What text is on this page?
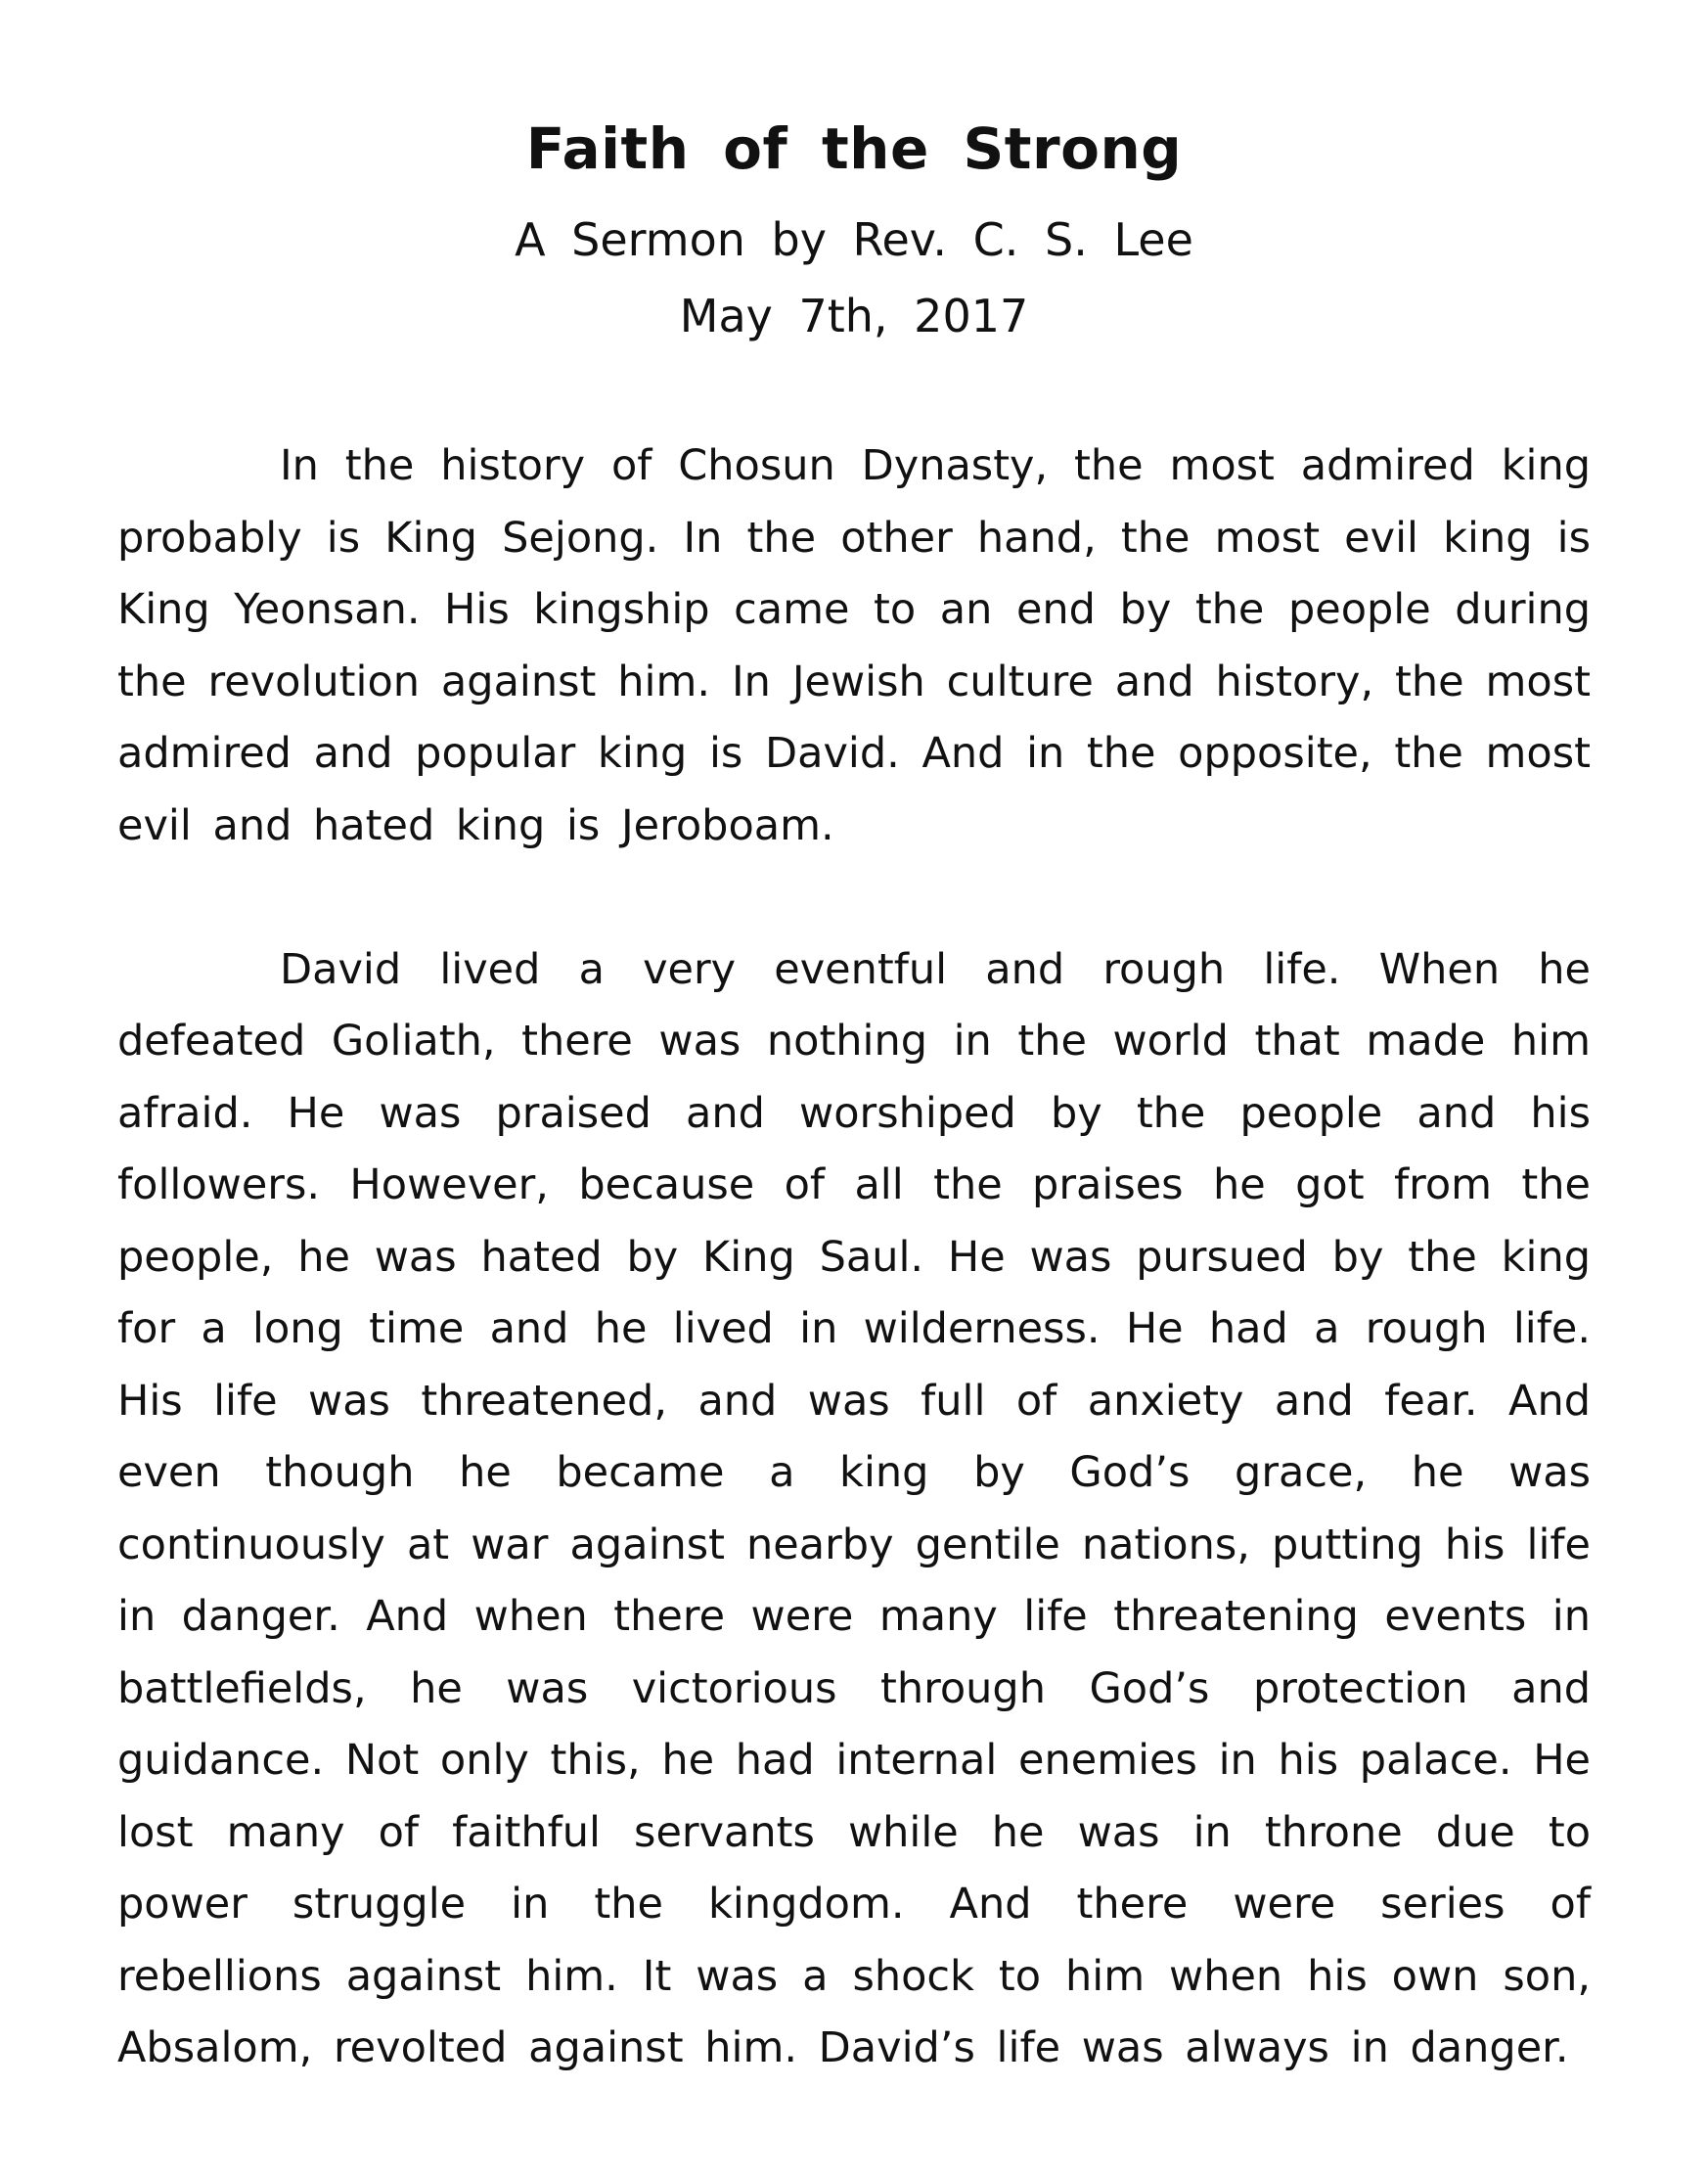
Faith of the Strong
A Sermon by Rev. C. S. Lee
May 7th, 2017

In the history of Chosun Dynasty, the most admired king probably is King Sejong. In the other hand, the most evil king is King Yeonsan. His kingship came to an end by the people during the revolution against him. In Jewish culture and history, the most admired and popular king is David. And in the opposite, the most evil and hated king is Jeroboam.

David lived a very eventful and rough life. When he defeated Goliath, there was nothing in the world that made him afraid. He was praised and worshiped by the people and his followers. However, because of all the praises he got from the people, he was hated by King Saul. He was pursued by the king for a long time and he lived in wilderness. He had a rough life. His life was threatened, and was full of anxiety and fear. And even though he became a king by God’s grace, he was continuously at war against nearby gentile nations, putting his life in danger. And when there were many life threatening events in battlefields, he was victorious through God’s protection and guidance. Not only this, he had internal enemies in his palace. He lost many of faithful servants while he was in throne due to power struggle in the kingdom. And there were series of rebellions against him. It was a shock to him when his own son, Absalom, revolted against him. David’s life was always in danger.
